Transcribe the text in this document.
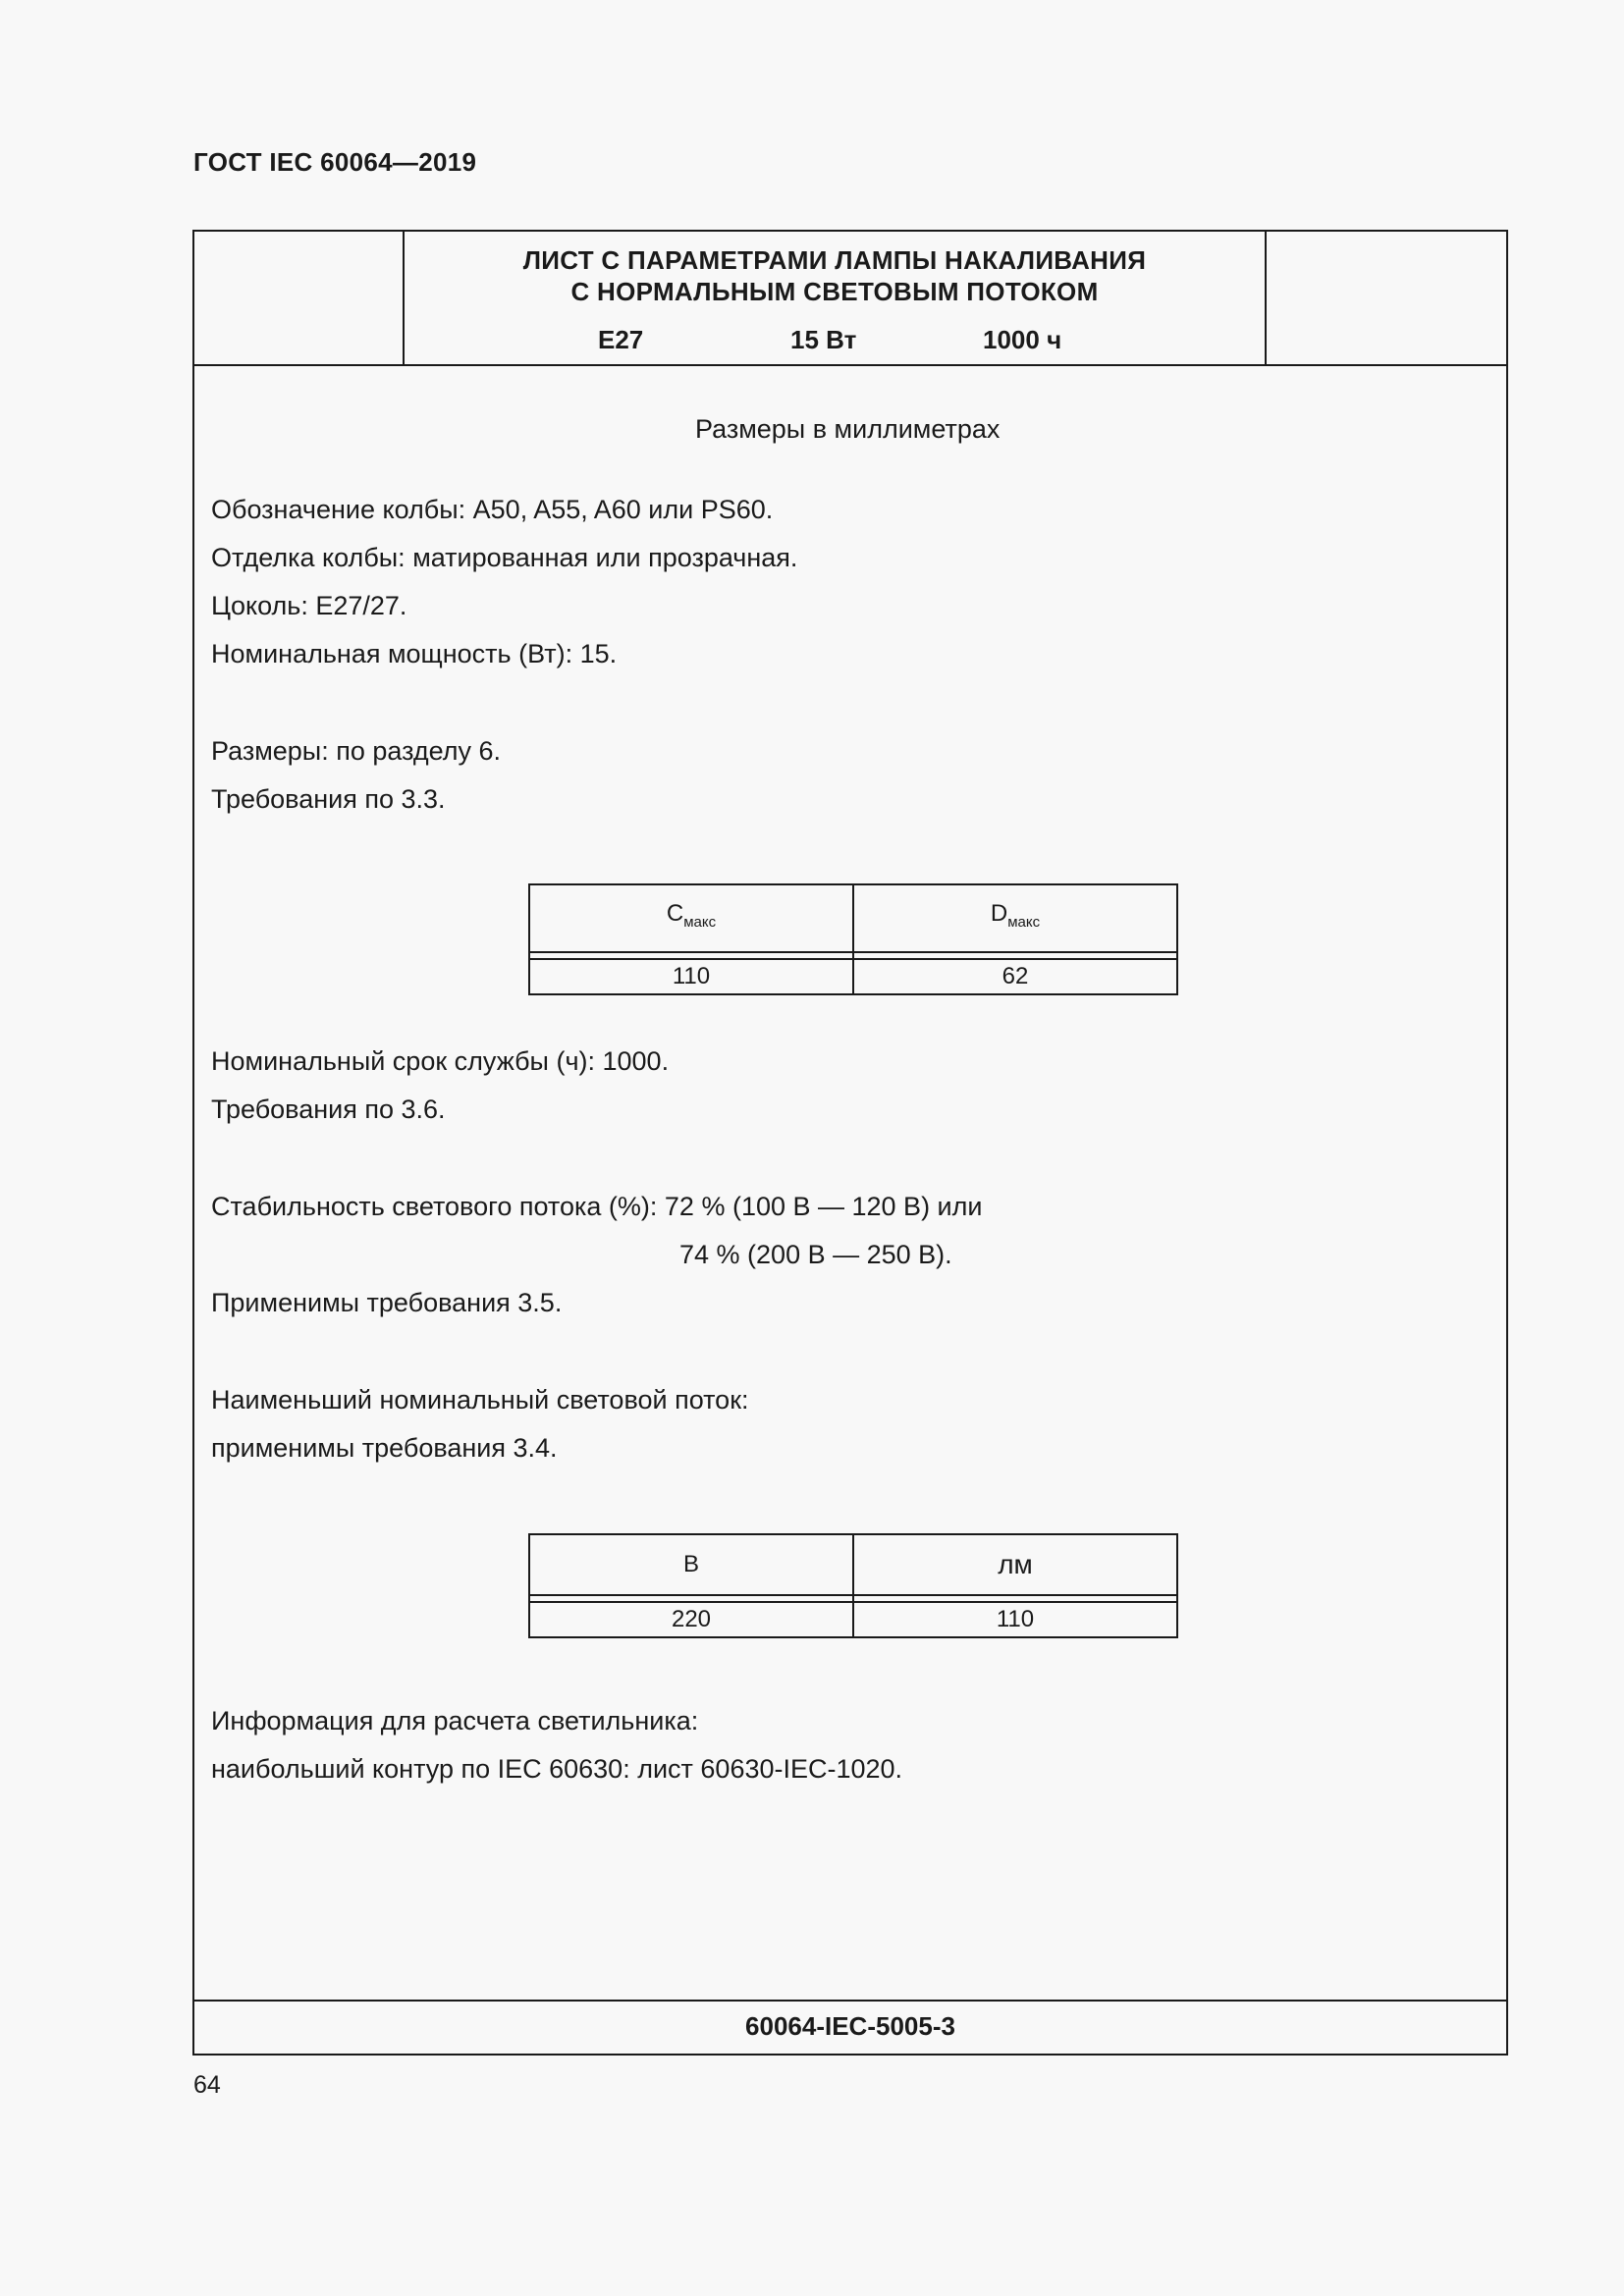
ГОСТ IEC 60064—2019
ЛИСТ С ПАРАМЕТРАМИ ЛАМПЫ НАКАЛИВАНИЯ
С НОРМАЛЬНЫМ СВЕТОВЫМ ПОТОКОМ
E27	15 Вт	1000 ч
Размеры в миллиметрах
Обозначение колбы: A50, A55, A60 или PS60.
Отделка колбы: матированная или прозрачная.
Цоколь: E27/27.
Номинальная мощность (Вт): 15.
Размеры: по разделу 6.
Требования по 3.3.
$C_{макс}$	$D_{макс}$

110	62
Номинальный срок службы (ч): 1000.
Требования по 3.6.
Стабильность светового потока (%): 72 % (100 В — 120 В) или
74 % (200 В — 250 В).
Применимы требования 3.5.
Наименьший номинальный световой поток:
применимы требования 3.4.
В	лм

220	110
Информация для расчета светильника:
наибольший контур по IEC 60630: лист 60630-IEC-1020.
60064-IEC-5005-3
64
